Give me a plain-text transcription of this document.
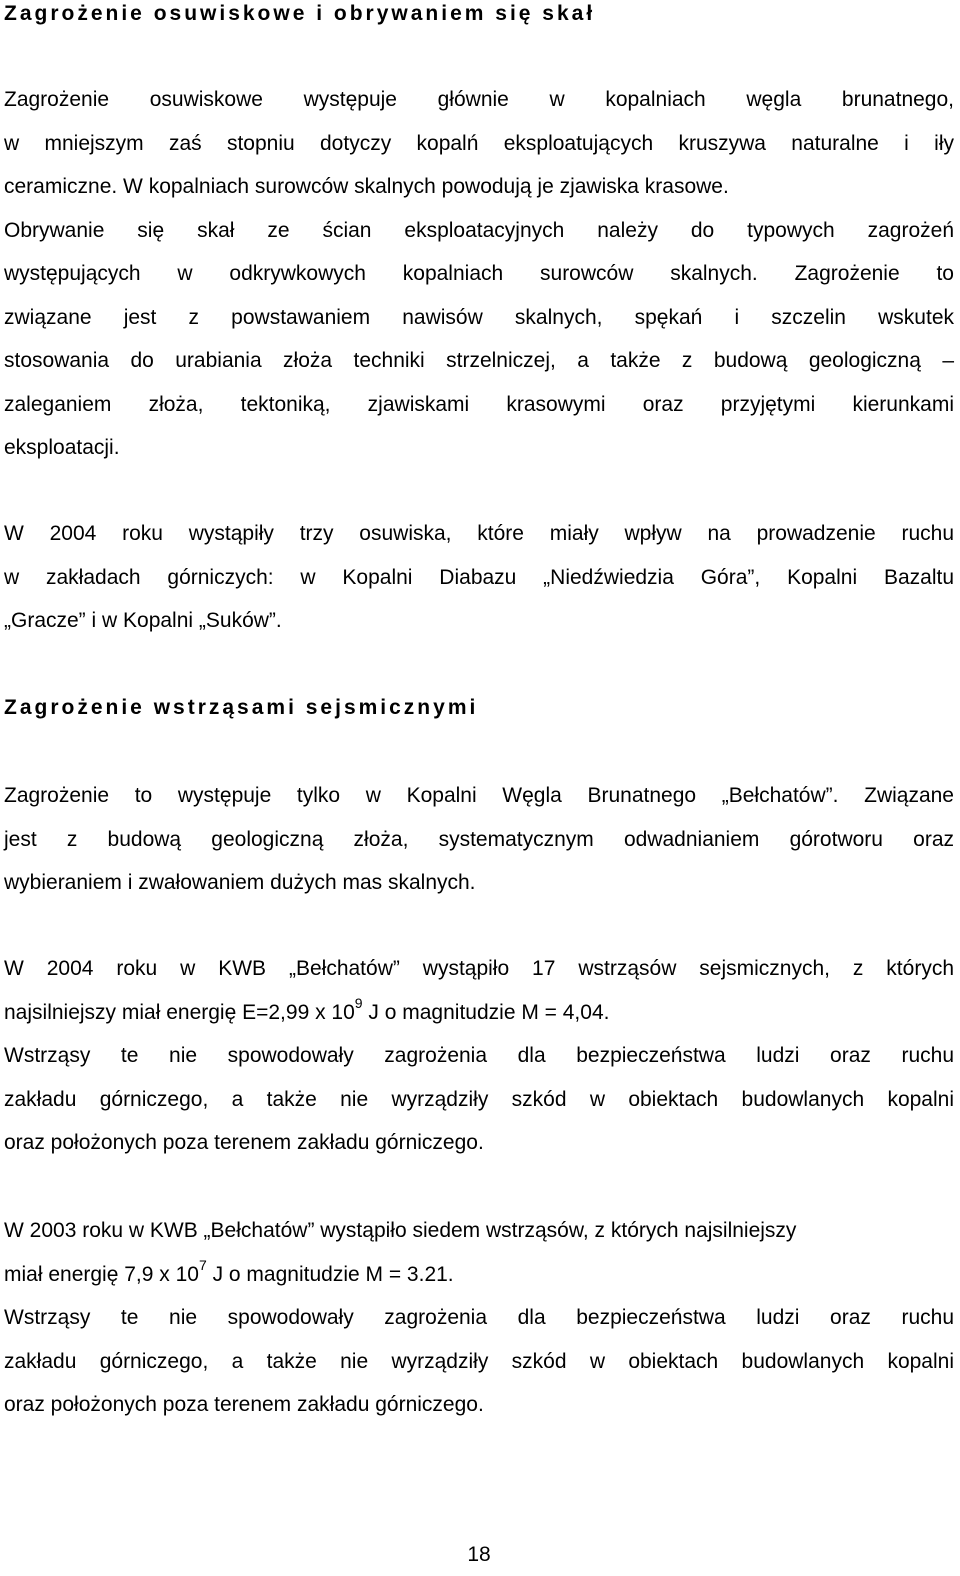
Zagrożenie osuwiskowe i obrywaniem się skał
Zagrożenie osuwiskowe występuje głównie w kopalniach węgla brunatnego,
w mniejszym zaś stopniu dotyczy kopalń eksploatujących kruszywa naturalne i iły
ceramiczne. W kopalniach surowców skalnych powodują je zjawiska krasowe.
Obrywanie się skał ze ścian eksploatacyjnych należy do typowych zagrożeń
występujących w odkrywkowych kopalniach surowców skalnych. Zagrożenie to
związane jest z powstawaniem nawisów skalnych, spękań i szczelin wskutek
stosowania do urabiania złoża techniki strzelniczej, a także z budową geologiczną –
zaleganiem złoża, tektoniką, zjawiskami krasowymi oraz przyjętymi kierunkami
eksploatacji.
W 2004 roku wystąpiły trzy osuwiska, które miały wpływ na prowadzenie ruchu
w zakładach górniczych: w Kopalni Diabazu „Niedźwiedzia Góra”, Kopalni Bazaltu
„Gracze” i w Kopalni „Suków”.
Zagrożenie wstrząsami sejsmicznymi
Zagrożenie to występuje tylko w Kopalni Węgla Brunatnego „Bełchatów”. Związane
jest z budową geologiczną złoża, systematycznym odwadnianiem górotworu oraz
wybieraniem i zwałowaniem dużych mas skalnych.
W 2004 roku w KWB „Bełchatów” wystąpiło 17 wstrząsów sejsmicznych, z których
najsilniejszy miał energię E=2,99 x $10^9$ J o magnitudzie M = 4,04.
Wstrząsy te nie spowodowały zagrożenia dla bezpieczeństwa ludzi oraz ruchu
zakładu górniczego, a także nie wyrządziły szkód w obiektach budowlanych kopalni
oraz położonych poza terenem zakładu górniczego.
W 2003 roku w KWB „Bełchatów” wystąpiło siedem wstrząsów, z których najsilniejszy
miał energię 7,9 x $10^7$ J o magnitudzie M = 3.21.
Wstrząsy te nie spowodowały zagrożenia dla bezpieczeństwa ludzi oraz ruchu
zakładu górniczego, a także nie wyrządziły szkód w obiektach budowlanych kopalni
oraz położonych poza terenem zakładu górniczego.
18
